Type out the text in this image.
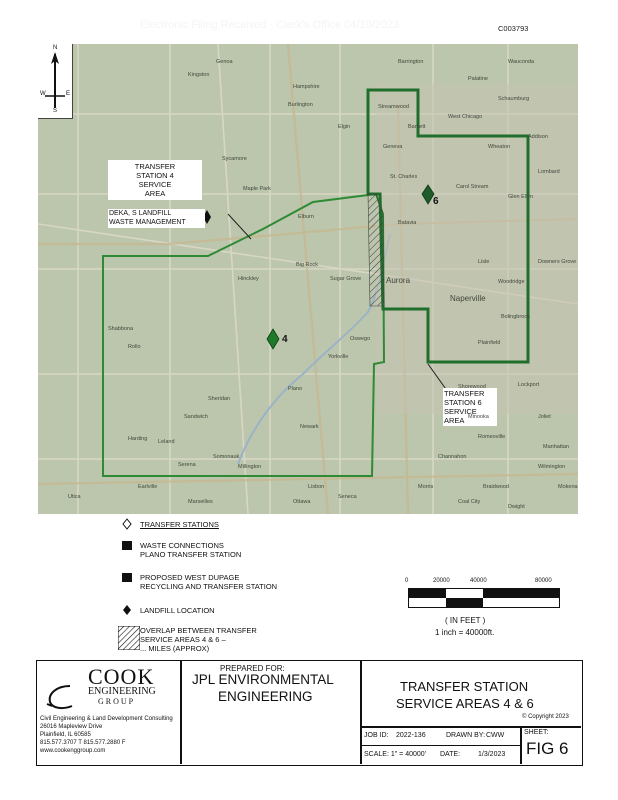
Electronic Filing Received · Clerk's Office 04/10/2023	C003793
N
S
W	E
TRANSFER
STATION 4
SERVICE
AREA
DEKA, S LANDFILL
WASTE MANAGEMENT
TRANSFER
STATION 6
SERVICE
AREA
4
6
Naperville
Aurora
Carol Stream
St. Charles
Yorkville
Plano
Sugar Grove
Big Rock
Hinckley
Sycamore
Maple Park
Elburn
Shabbona
Newark
Sandwich
Somonauk
Bolingbrook
Oswego
Batavia
West Chicago
Wheaton
Geneva
Elgin
Burlington
Hampshire
Kingston
Genoa
Rollo
Sheridan
Harding
Serena	Millington
Lisbon
Seneca
Marseilles
Earlville
Leland
Minooka
Shorewood
Joliet
Plainfield
Lockport
Wauconda
Barrington
Palatine
Schaumburg
Streamwood
Bartlett
Addison
Lombard
Glen Ellyn
Downers Grove
Woodridge
Lisle
Romeoville
Channahon
Morris
Ottawa
Utica
Dwight
Coal City
Braidwood
Wilmington
Manhattan
Mokena
TRANSFER STATIONS
WASTE CONNECTIONS
PLANO TRANSFER STATION
PROPOSED WEST DUPAGE
RECYCLING AND TRANSFER STATION
LANDFILL LOCATION
OVERLAP BETWEEN TRANSFER
SERVICE AREAS 4 & 6 –
... MILES (APPROX)
0	20000	40000	80000
( IN FEET )
1 inch = 40000ft.
COOK
ENGINEERING
G R O U P
Civil Engineering & Land Development Consulting
26016 Mapleview Drive
Plainfield, IL 60585
815.577.3707 T 815.577.2880 F
www.cookenggroup.com
PREPARED FOR:
JPL ENVIRONMENTAL
ENGINEERING
TRANSFER STATION
SERVICE AREAS 4 & 6
© Copyright 2023
JOB ID: 2022-136	DRAWN BY: CWW	SHEET:
FIG 6
SCALE: 1" = 40000' DATE:	1/3/2023
